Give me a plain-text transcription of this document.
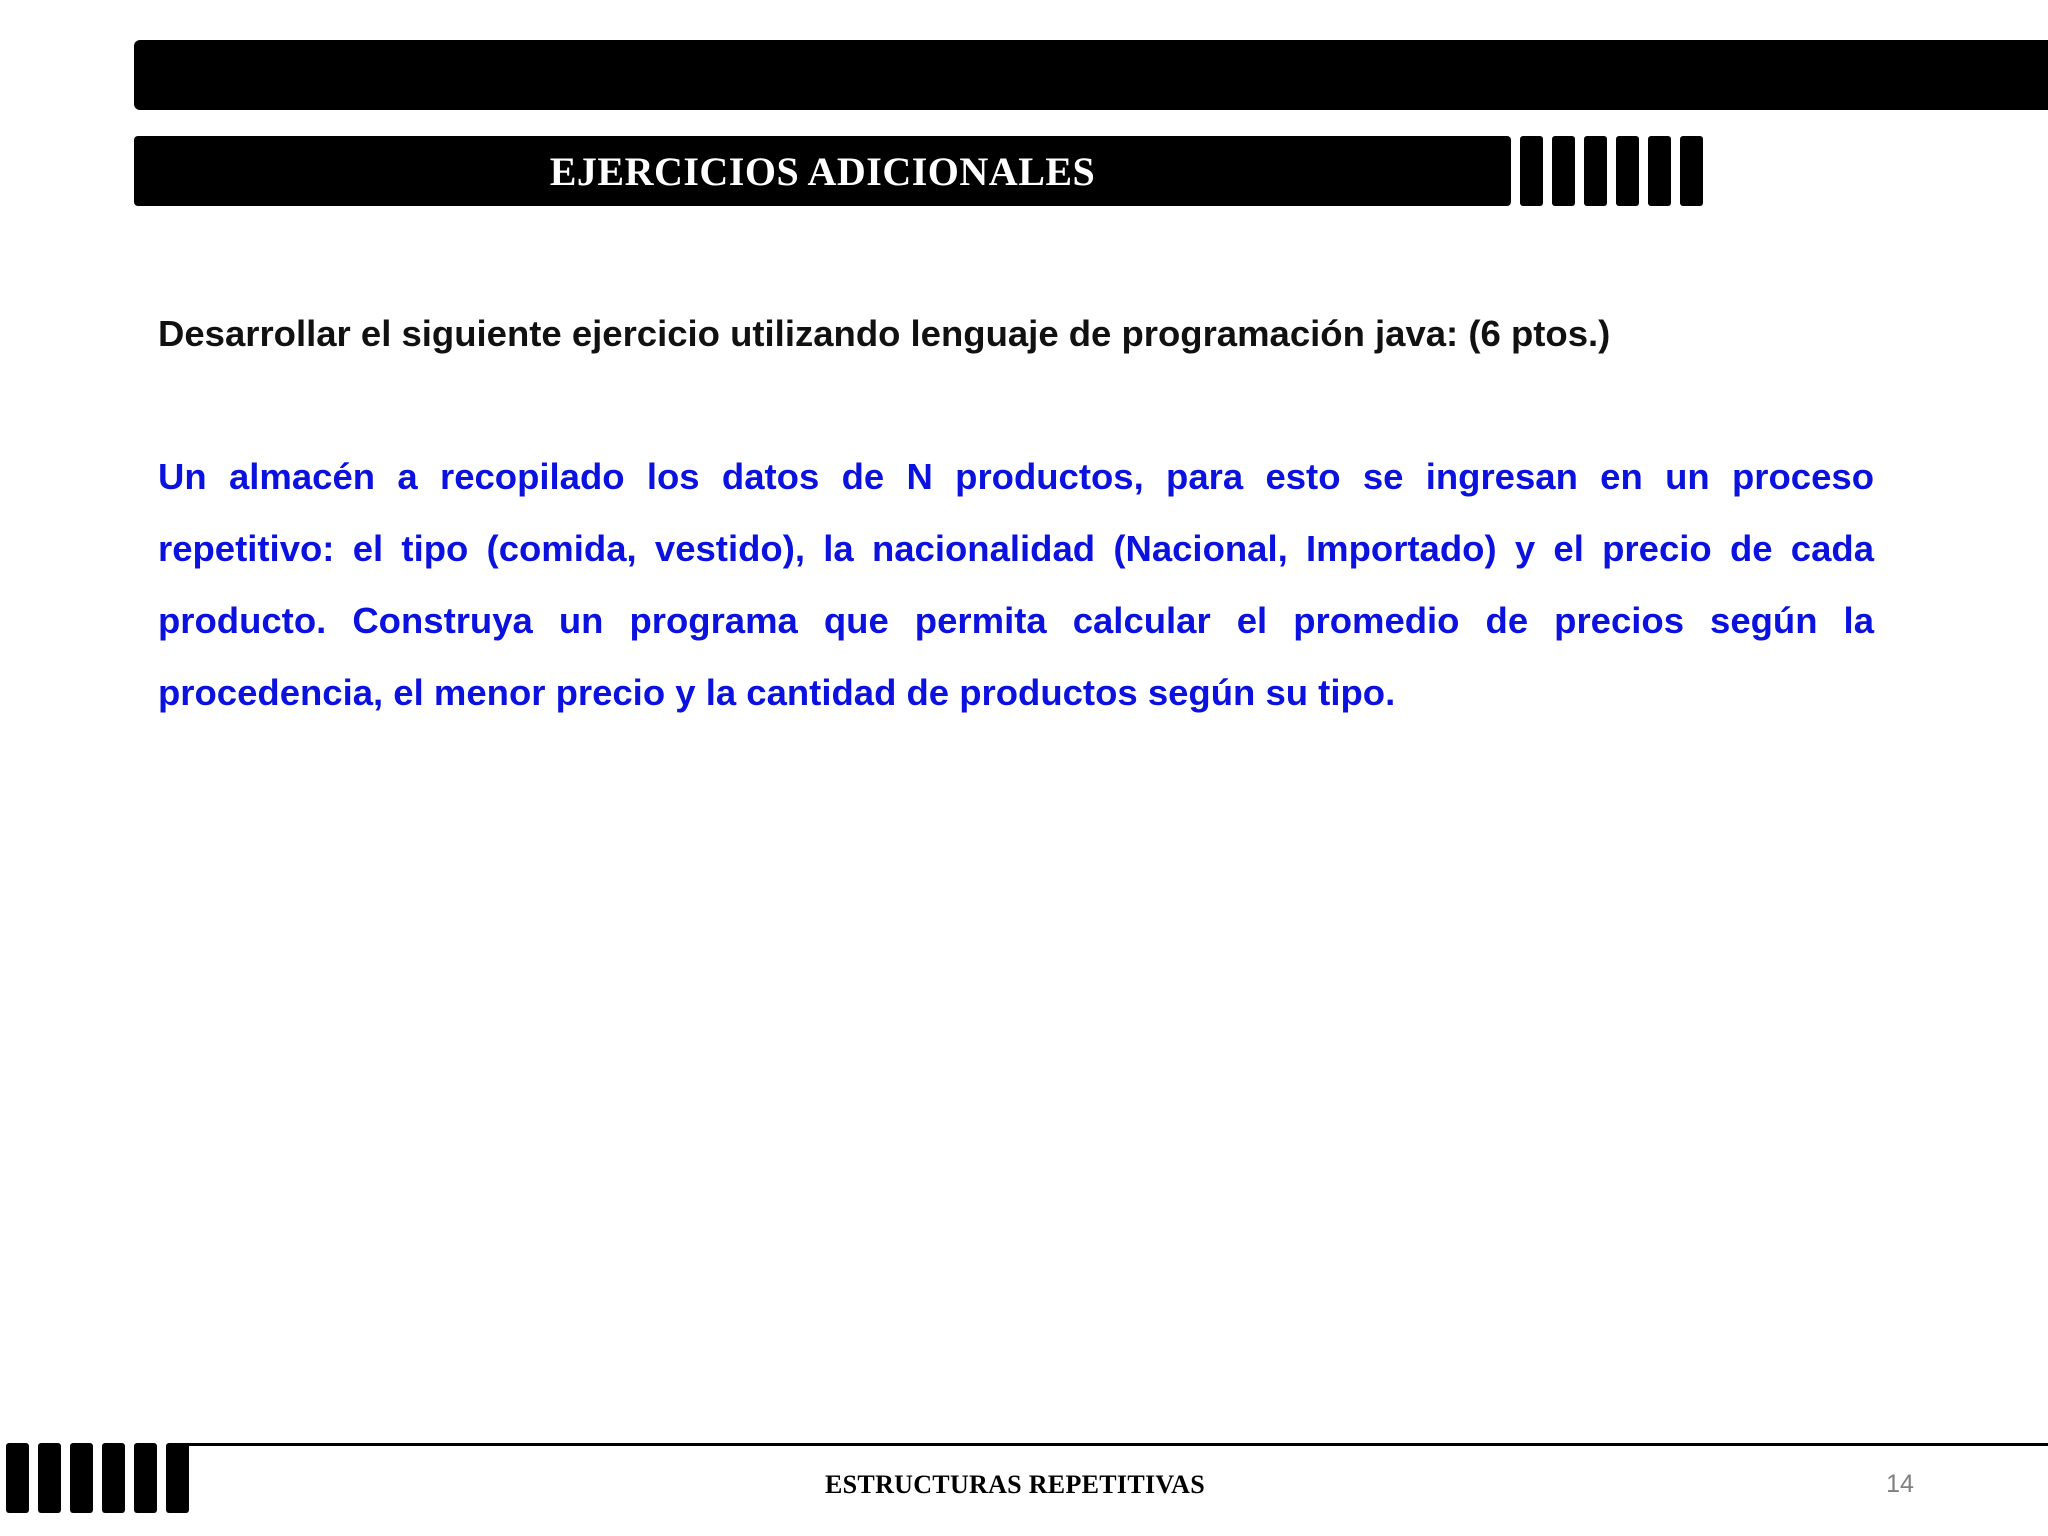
EJERCICIOS ADICIONALES
Desarrollar el siguiente ejercicio utilizando lenguaje de programación java: (6 ptos.)

Un almacén a recopilado los datos de N productos, para esto se ingresan en un proceso repetitivo: el tipo (comida, vestido), la nacionalidad (Nacional, Importado) y el precio de cada producto. Construya un programa que permita calcular el promedio de precios según la procedencia, el menor precio y la cantidad de productos según su tipo.

ESTRUCTURAS REPETITIVAS	14
